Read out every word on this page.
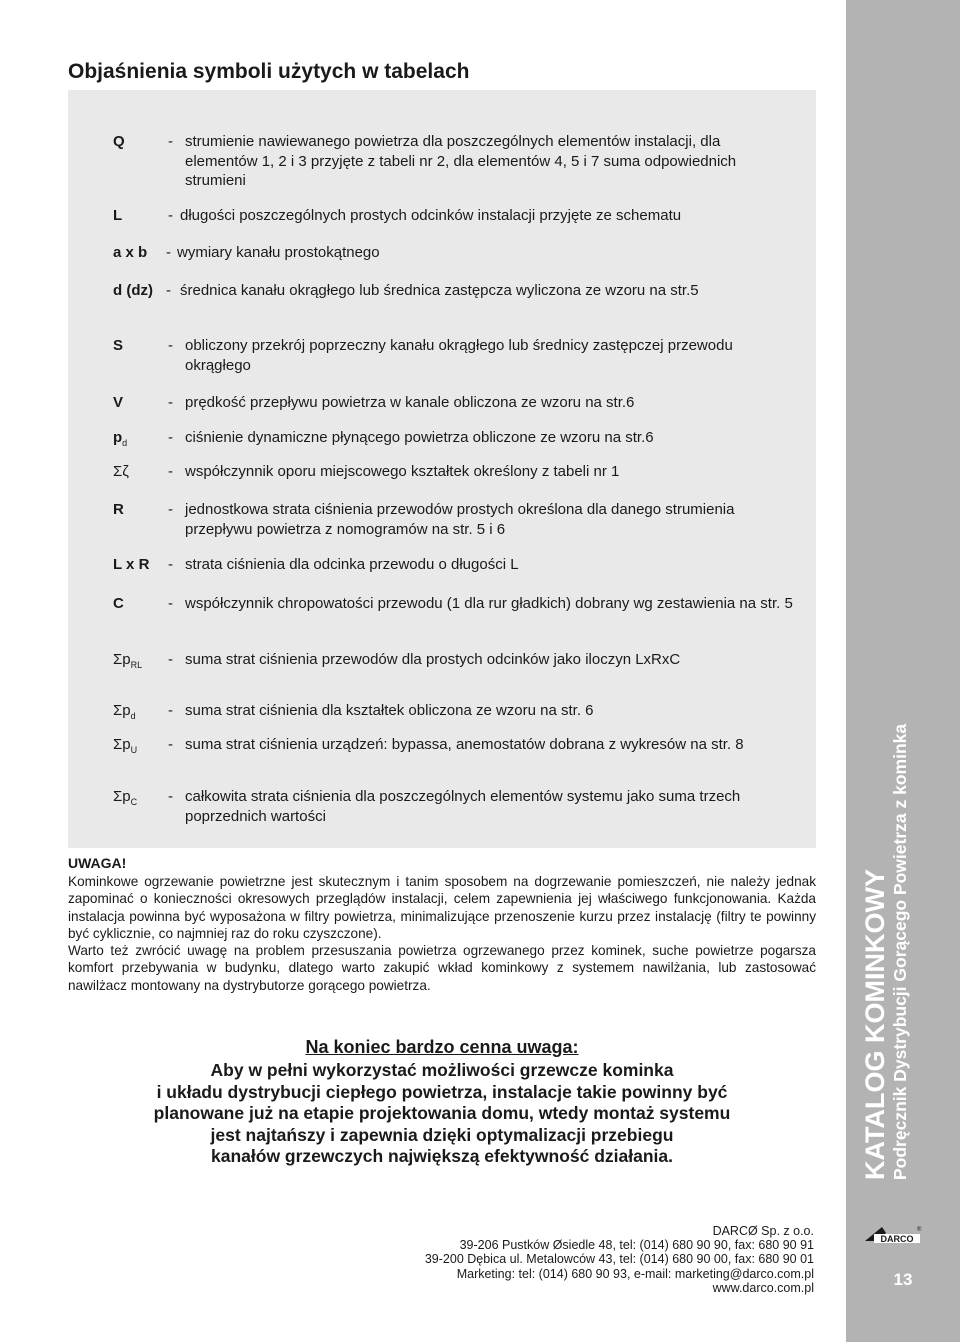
Objaśnienia symboli użytych w tabelach
Q	- strumienie nawiewanego powietrza dla poszczególnych elementów instalacji, dla elementów 1, 2 i 3 przyjęte z tabeli nr 2, dla elementów 4, 5 i 7 suma odpowiednich strumieni
L	- długości poszczególnych prostych odcinków instalacji przyjęte ze schematu
a x b - wymiary kanału prostokątnego
d (dz) - średnica kanału okrągłego lub średnica zastępcza wyliczona ze wzoru na str.5
S	- obliczony przekrój poprzeczny kanału okrągłego lub średnicy zastępczej przewodu okrągłego
V	- prędkość przepływu powietrza w kanale obliczona ze wzoru na str.6
$p_d$	- ciśnienie dynamiczne płynącego powietrza obliczone ze wzoru na str.6
Σζ	- współczynnik oporu miejscowego kształtek określony z tabeli nr 1
R	- jednostkowa strata ciśnienia przewodów prostych określona dla danego strumienia przepływu powietrza z nomogramów na str. 5 i 6
L x R - strata ciśnienia dla odcinka przewodu o długości L
C	- współczynnik chropowatości przewodu (1 dla rur gładkich) dobrany wg zestawienia na str. 5
$\Sigma p_{RL}$ - suma strat ciśnienia przewodów dla prostych odcinków jako iloczyn LxRxC
$\Sigma p_d$ - suma strat ciśnienia dla kształtek obliczona ze wzoru na str. 6
$\Sigma p_U$ - suma strat ciśnienia urządzeń: bypassa, anemostatów dobrana z wykresów na str. 8
$\Sigma p_C$ - całkowita strata ciśnienia dla poszczególnych elementów systemu jako suma trzech poprzednich wartości
UWAGA!

Kominkowe ogrzewanie powietrzne jest skutecznym i tanim sposobem na dogrzewanie pomieszczeń, nie należy jednak zapominać o konieczności okresowych przeglądów instalacji, celem zapewnienia jej właściwego funkcjonowania. Każda instalacja powinna być wyposażona w filtry powietrza, minimalizujące przenoszenie kurzu przez instalację (filtry te powinny być cyklicznie, co najmniej raz do roku czyszczone).

Warto też zwrócić uwagę na problem przesuszania powietrza ogrzewanego przez kominek, suche powietrze pogarsza komfort przebywania w budynku, dlatego warto zakupić wkład kominkowy z systemem nawilżania, lub zastosować nawilżacz montowany na dystrybutorze gorącego powietrza.

Na koniec bardzo cenna uwaga:
Aby w pełni wykorzystać możliwości grzewcze kominka
i układu dystrybucji ciepłego powietrza, instalacje takie powinny być
planowane już na etapie projektowania domu, wtedy montaż systemu
jest najtańszy i zapewnia dzięki optymalizacji przebiegu
kanałów grzewczych największą efektywność działania.
DARCØ Sp. z o.o.
39-206 Pustków Øsiedle 48, tel: (014) 680 90 90, fax: 680 90 91
39-200 Dębica ul. Metalowców 43, tel: (014) 680 90 00, fax: 680 90 01
Marketing: tel: (014) 680 90 93, e-mail: marketing@darco.com.pl
www.darco.com.pl
KATALOG KOMINKOWY Podręcznik Dystrybucji Gorącego Powietrza z kominka
DARCO
®
13
